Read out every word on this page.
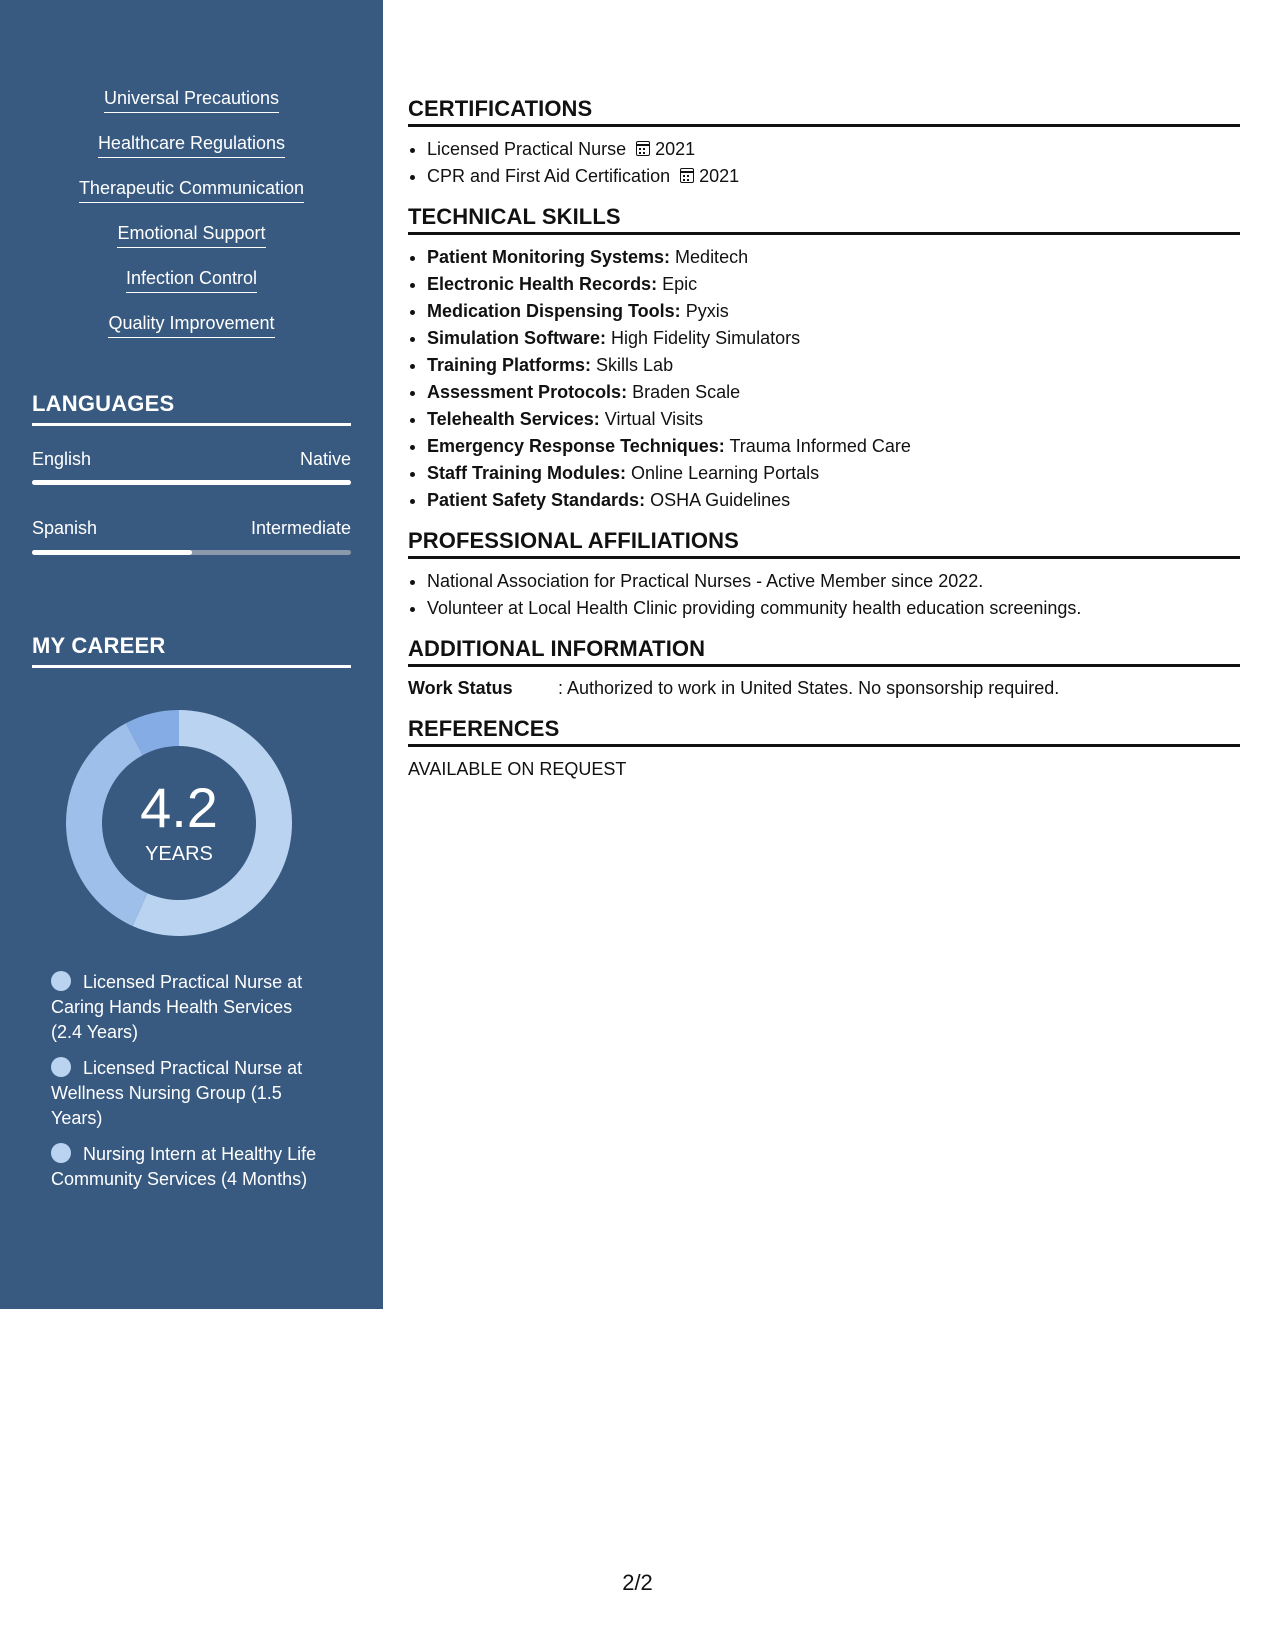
Universal Precautions
Healthcare Regulations
Therapeutic Communication
Emotional Support
Infection Control
Quality Improvement
LANGUAGES
English	Native
Spanish	Intermediate
MY CAREER
4.2
YEARS
Licensed Practical Nurse at Caring Hands Health Services (2.4 Years)
Licensed Practical Nurse at Wellness Nursing Group (1.5 Years)
Nursing Intern at Healthy Life Community Services (4 Months)
CERTIFICATIONS
• Licensed Practical Nurse 2021
• CPR and First Aid Certification 2021
TECHNICAL SKILLS
• Patient Monitoring Systems: Meditech
• Electronic Health Records: Epic
• Medication Dispensing Tools: Pyxis
• Simulation Software: High Fidelity Simulators
• Training Platforms: Skills Lab
• Assessment Protocols: Braden Scale
• Telehealth Services: Virtual Visits
• Emergency Response Techniques: Trauma Informed Care
• Staff Training Modules: Online Learning Portals
• Patient Safety Standards: OSHA Guidelines
PROFESSIONAL AFFILIATIONS
• National Association for Practical Nurses - Active Member since 2022.
• Volunteer at Local Health Clinic providing community health education screenings.
ADDITIONAL INFORMATION
Work Status	: Authorized to work in United States. No sponsorship required.
REFERENCES
AVAILABLE ON REQUEST
2/2
